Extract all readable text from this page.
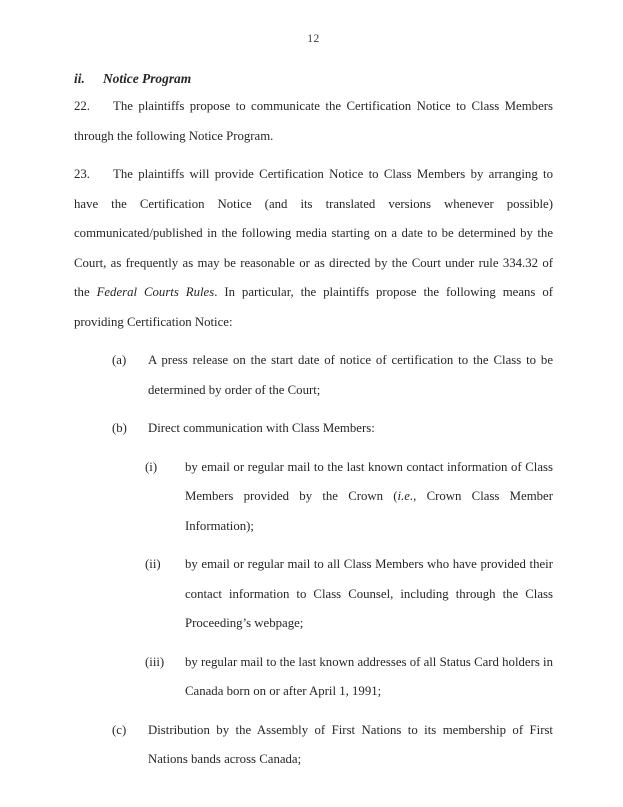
12
ii. Notice Program

22. The plaintiffs propose to communicate the Certification Notice to Class Members through the following Notice Program.

23. The plaintiffs will provide Certification Notice to Class Members by arranging to have the Certification Notice (and its translated versions whenever possible) communicated/published in the following media starting on a date to be determined by the Court, as frequently as may be reasonable or as directed by the Court under rule 334.32 of the Federal Courts Rules. In particular, the plaintiffs propose the following means of providing Certification Notice:

(a) A press release on the start date of notice of certification to the Class to be determined by order of the Court;
(b) Direct communication with Class Members:
(i) by email or regular mail to the last known contact information of Class Members provided by the Crown (i.e., Crown Class Member Information);
(ii) by email or regular mail to all Class Members who have provided their contact information to Class Counsel, including through the Class Proceeding’s webpage;
(iii) by regular mail to the last known addresses of all Status Card holders in Canada born on or after April 1, 1991;
(c) Distribution by the Assembly of First Nations to its membership of First Nations bands across Canada;
